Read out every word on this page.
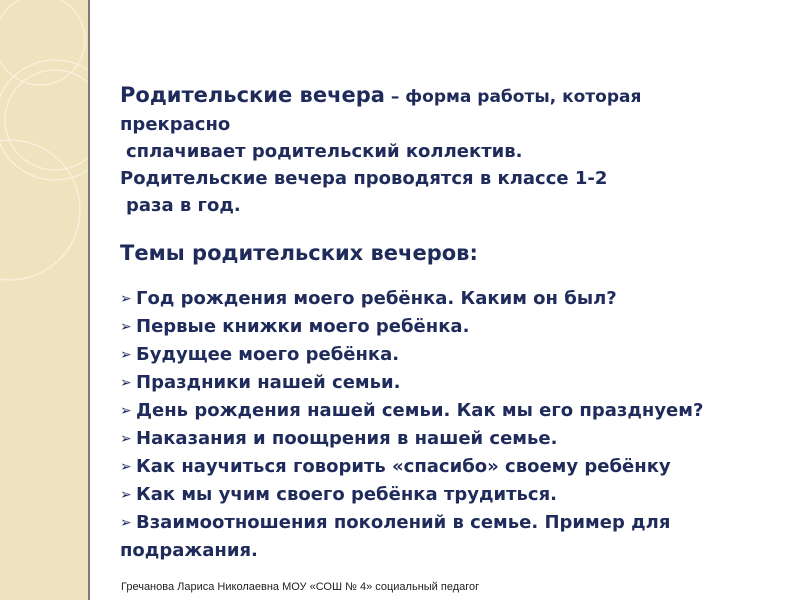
Родительские вечера – форма работы, которая
прекрасно
сплачивает родительский коллектив.
Родительские вечера проводятся в классе 1-2
раза в год.
Темы родительских вечеров:
➢ Год рождения моего ребёнка. Каким он был?
➢ Первые книжки моего ребёнка.
➢ Будущее моего ребёнка.
➢ Праздники нашей семьи.
➢ День рождения нашей семьи. Как мы его празднуем?
➢ Наказания и поощрения в нашей семье.
➢ Как научиться говорить «спасибо» своему ребёнку
➢ Как мы учим своего ребёнка трудиться.
➢ Взаимоотношения поколений в семье. Пример для подражания.
Гречанова Лариса Николаевна МОУ «СОШ № 4» социальный педагог
